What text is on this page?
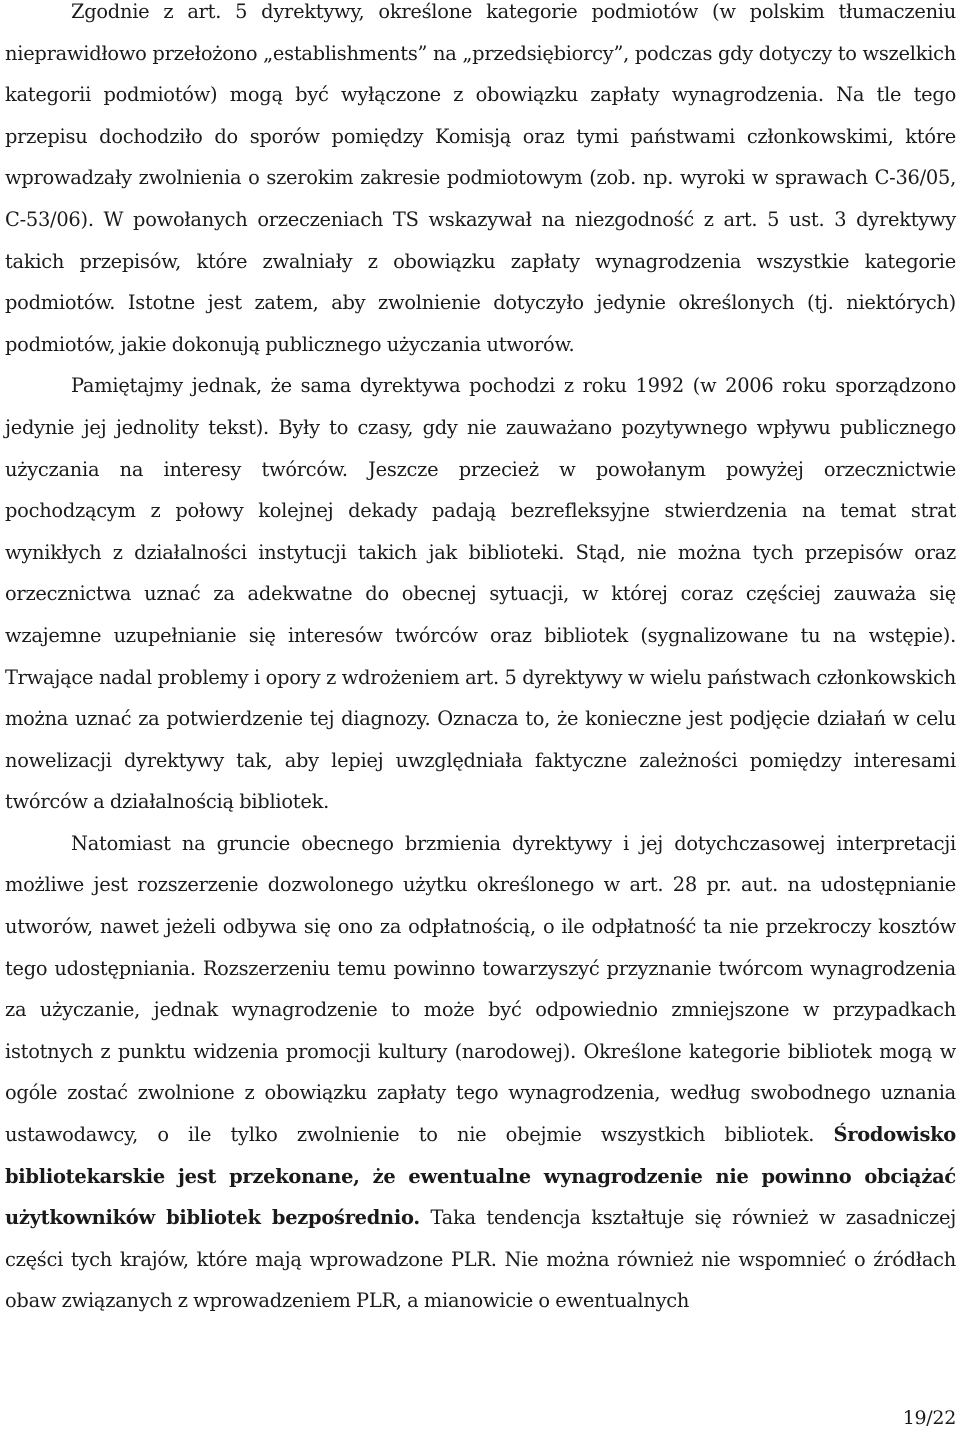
Zgodnie z art. 5 dyrektywy, określone kategorie podmiotów (w polskim tłumaczeniu nieprawidłowo przełożono „establishments” na „przedsiębiorcy”, podczas gdy dotyczy to wszelkich kategorii podmiotów) mogą być wyłączone z obowiązku zapłaty wynagrodzenia. Na tle tego przepisu dochodziło do sporów pomiędzy Komisją oraz tymi państwami członkowskimi, które wprowadzały zwolnienia o szerokim zakresie podmiotowym (zob. np. wyroki w sprawach C-36/05, C-53/06). W powołanych orzeczeniach TS wskazywał na niezgodność z art. 5 ust. 3 dyrektywy takich przepisów, które zwalniały z obowiązku zapłaty wynagrodzenia wszystkie kategorie podmiotów. Istotne jest zatem, aby zwolnienie dotyczyło jedynie określonych (tj. niektórych) podmiotów, jakie dokonują publicznego użyczania utworów.

Pamiętajmy jednak, że sama dyrektywa pochodzi z roku 1992 (w 2006 roku sporządzono jedynie jej jednolity tekst). Były to czasy, gdy nie zauważano pozytywnego wpływu publicznego użyczania na interesy twórców. Jeszcze przecież w powołanym powyżej orzecznictwie pochodzącym z połowy kolejnej dekady padają bezrefleksyjne stwierdzenia na temat strat wynikłych z działalności instytucji takich jak biblioteki. Stąd, nie można tych przepisów oraz orzecznictwa uznać za adekwatne do obecnej sytuacji, w której coraz częściej zauważa się wzajemne uzupełnianie się interesów twórców oraz bibliotek (sygnalizowane tu na wstępie). Trwające nadal problemy i opory z wdrożeniem art. 5 dyrektywy w wielu państwach członkowskich można uznać za potwierdzenie tej diagnozy. Oznacza to, że konieczne jest podjęcie działań w celu nowelizacji dyrektywy tak, aby lepiej uwzględniała faktyczne zależności pomiędzy interesami twórców a działalnością bibliotek.

Natomiast na gruncie obecnego brzmienia dyrektywy i jej dotychczasowej interpretacji możliwe jest rozszerzenie dozwolonego użytku określonego w art. 28 pr. aut. na udostępnianie utworów, nawet jeżeli odbywa się ono za odpłatnością, o ile odpłatność ta nie przekroczy kosztów tego udostępniania. Rozszerzeniu temu powinno towarzyszyć przyznanie twórcom wynagrodzenia za użyczanie, jednak wynagrodzenie to może być odpowiednio zmniejszone w przypadkach istotnych z punktu widzenia promocji kultury (narodowej). Określone kategorie bibliotek mogą w ogóle zostać zwolnione z obowiązku zapłaty tego wynagrodzenia, według swobodnego uznania ustawodawcy, o ile tylko zwolnienie to nie obejmie wszystkich bibliotek. Środowisko bibliotekarskie jest przekonane, że ewentualne wynagrodzenie nie powinno obciążać użytkowników bibliotek bezpośrednio. Taka tendencja kształtuje się również w zasadniczej części tych krajów, które mają wprowadzone PLR. Nie można również nie wspomnieć o źródłach obaw związanych z wprowadzeniem PLR, a mianowicie o ewentualnych

19/22
